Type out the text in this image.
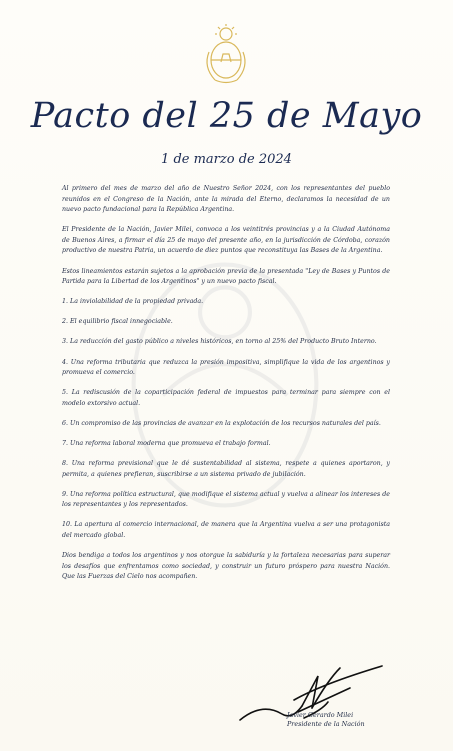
Pacto del 25 de Mayo
1 de marzo de 2024

Al primero del mes de marzo del año de Nuestro Señor 2024, con los representantes del pueblo reunidos en el Congreso de la Nación, ante la mirada del Eterno, declaramos la necesidad de un nuevo pacto fundacional para la República Argentina.

El Presidente de la Nación, Javier Milei, convoca a los veintitrés provincias y a la Ciudad Autónoma de Buenos Aires, a firmar el día 25 de mayo del presente año, en la jurisdicción de Córdoba, corazón productivo de nuestra Patria, un acuerdo de diez puntos que reconstituya las Bases de la Argentina.

Estos lineamientos estarán sujetos a la aprobación previa de la presentada "Ley de Bases y Puntos de Partida para la Libertad de los Argentinos" y un nuevo pacto fiscal.

1. La inviolabilidad de la propiedad privada.

2. El equilibrio fiscal innegociable.

3. La reducción del gasto público a niveles históricos, en torno al 25% del Producto Bruto Interno.

4. Una reforma tributaria que reduzca la presión impositiva, simplifique la vida de los argentinos y promueva el comercio.

5. La rediscusión de la coparticipación federal de impuestos para terminar para siempre con el modelo extorsivo actual.

6. Un compromiso de las provincias de avanzar en la explotación de los recursos naturales del país.

7. Una reforma laboral moderna que promueva el trabajo formal.

8. Una reforma previsional que le dé sustentabilidad al sistema, respete a quienes aportaron, y permita, a quienes prefieran, suscribirse a un sistema privado de jubilación.

9. Una reforma política estructural, que modifique el sistema actual y vuelva a alinear los intereses de los representantes y los representados.

10. La apertura al comercio internacional, de manera que la Argentina vuelva a ser una protagonista del mercado global.

Dios bendiga a todos los argentinos y nos otorgue la sabiduría y la fortaleza necesarias para superar los desafíos que enfrentamos como sociedad, y construir un futuro próspero para nuestra Nación. Que las Fuerzas del Cielo nos acompañen.

Javier Gerardo Milei
Presidente de la Nación
